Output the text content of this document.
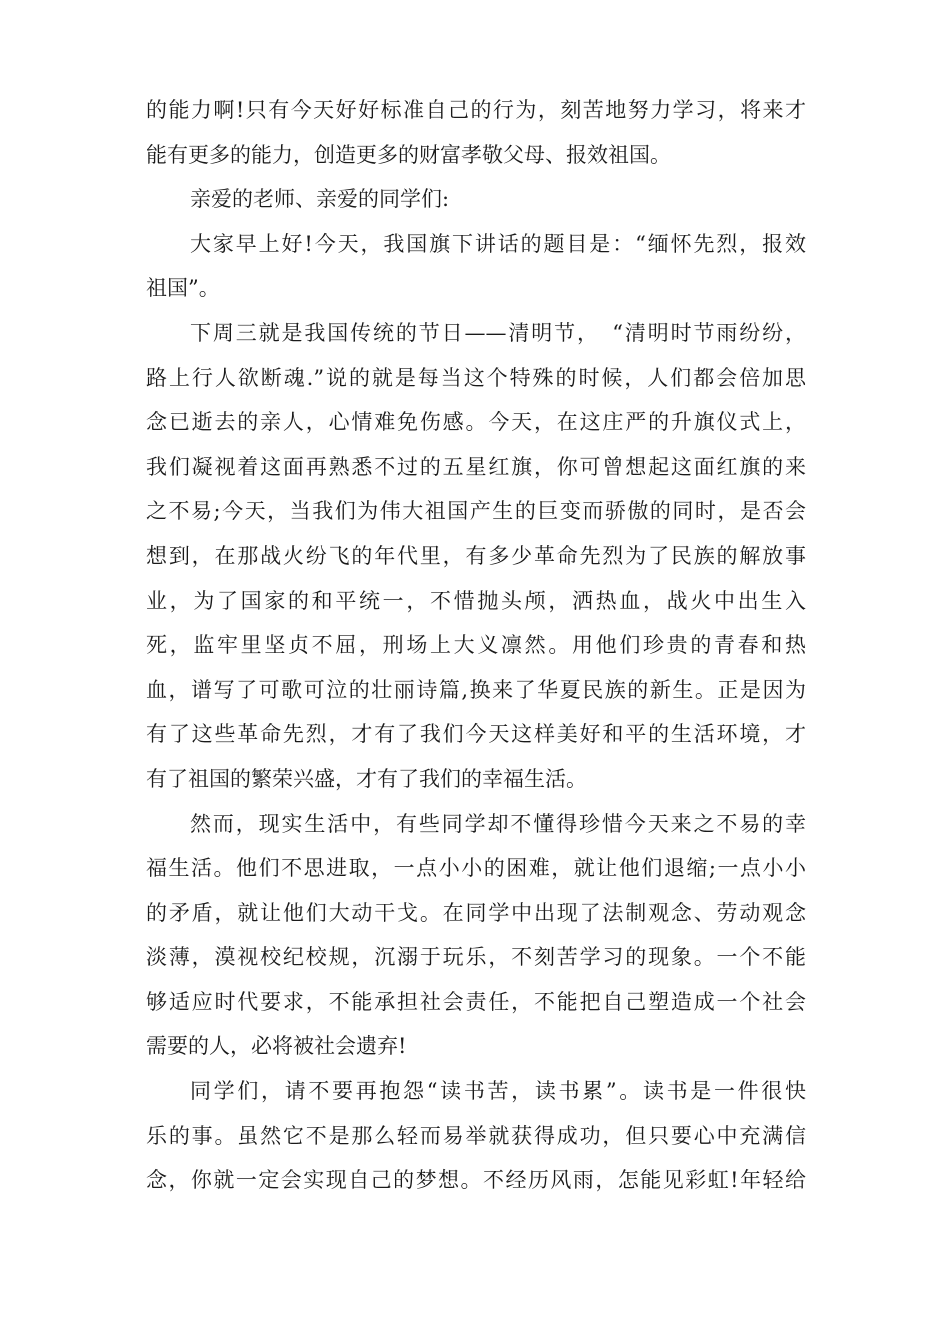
的能力啊!只有今天好好标准自己的行为，刻苦地努力学习，将来才
能有更多的能力，创造更多的财富孝敬父母、报效祖国。
亲爱的老师、亲爱的同学们:
大家早上好!今天，我国旗下讲话的题目是：“缅怀先烈，报效
祖国”。
下周三就是我国传统的节日——清明节，　“清明时节雨纷纷，
路上行人欲断魂.”说的就是每当这个特殊的时候，人们都会倍加思
念已逝去的亲人，心情难免伤感。今天，在这庄严的升旗仪式上，
我们凝视着这面再熟悉不过的五星红旗，你可曾想起这面红旗的来
之不易;今天，当我们为伟大祖国产生的巨变而骄傲的同时，是否会
想到，在那战火纷飞的年代里，有多少革命先烈为了民族的解放事
业，为了国家的和平统一，不惜抛头颅，洒热血，战火中出生入
死，监牢里坚贞不屈，刑场上大义凛然。用他们珍贵的青春和热
血，谱写了可歌可泣的壮丽诗篇,换来了华夏民族的新生。正是因为
有了这些革命先烈，才有了我们今天这样美好和平的生活环境，才
有了祖国的繁荣兴盛，才有了我们的幸福生活。
然而，现实生活中，有些同学却不懂得珍惜今天来之不易的幸
福生活。他们不思进取，一点小小的困难，就让他们退缩;一点小小
的矛盾，就让他们大动干戈。在同学中出现了法制观念、劳动观念
淡薄，漠视校纪校规，沉溺于玩乐，不刻苦学习的现象。一个不能
够适应时代要求，不能承担社会责任，不能把自己塑造成一个社会
需要的人，必将被社会遗弃!
同学们，请不要再抱怨“读书苦，读书累”。读书是一件很快
乐的事。虽然它不是那么轻而易举就获得成功，但只要心中充满信
念，你就一定会实现自己的梦想。不经历风雨，怎能见彩虹!年轻给
